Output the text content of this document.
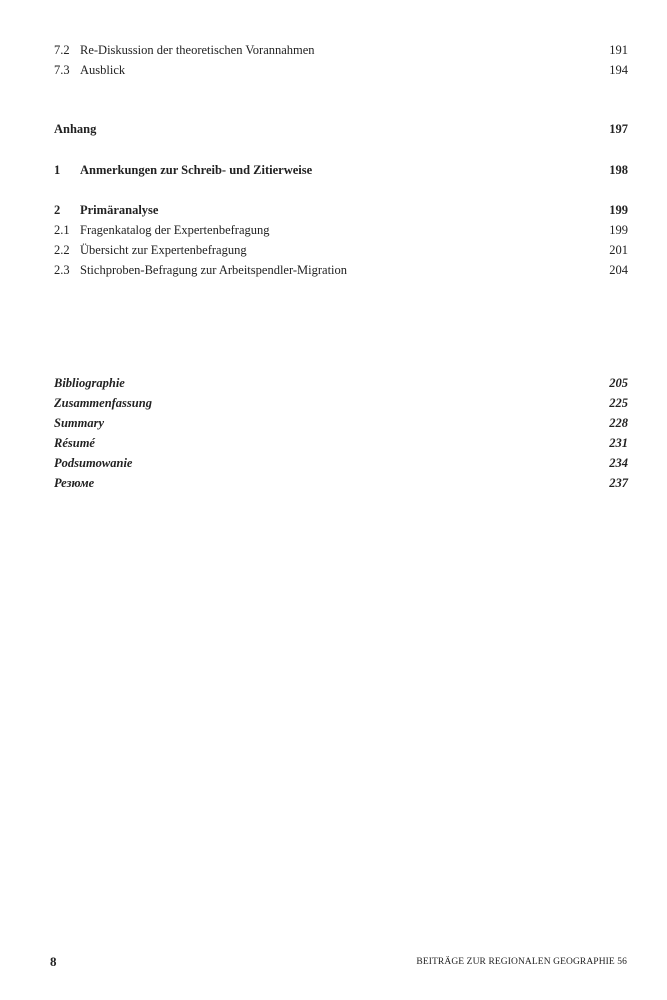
7.2 Re-Diskussion der theoretischen Vorannahmen	191
7.3 Ausblick	194
Anhang	197
1	Anmerkungen zur Schreib- und Zitierweise	198
2	Primäranalyse	199
2.1 Fragenkatalog der Expertenbefragung	199
2.2 Übersicht zur Expertenbefragung	201
2.3 Stichproben-Befragung zur Arbeitspendler-Migration	204
Bibliographie	205
Zusammenfassung	225
Summary	228
Résumé	231
Podsumowanie	234
Резюме	237
8	BEITRÄGE ZUR REGIONALEN GEOGRAPHIE 56
